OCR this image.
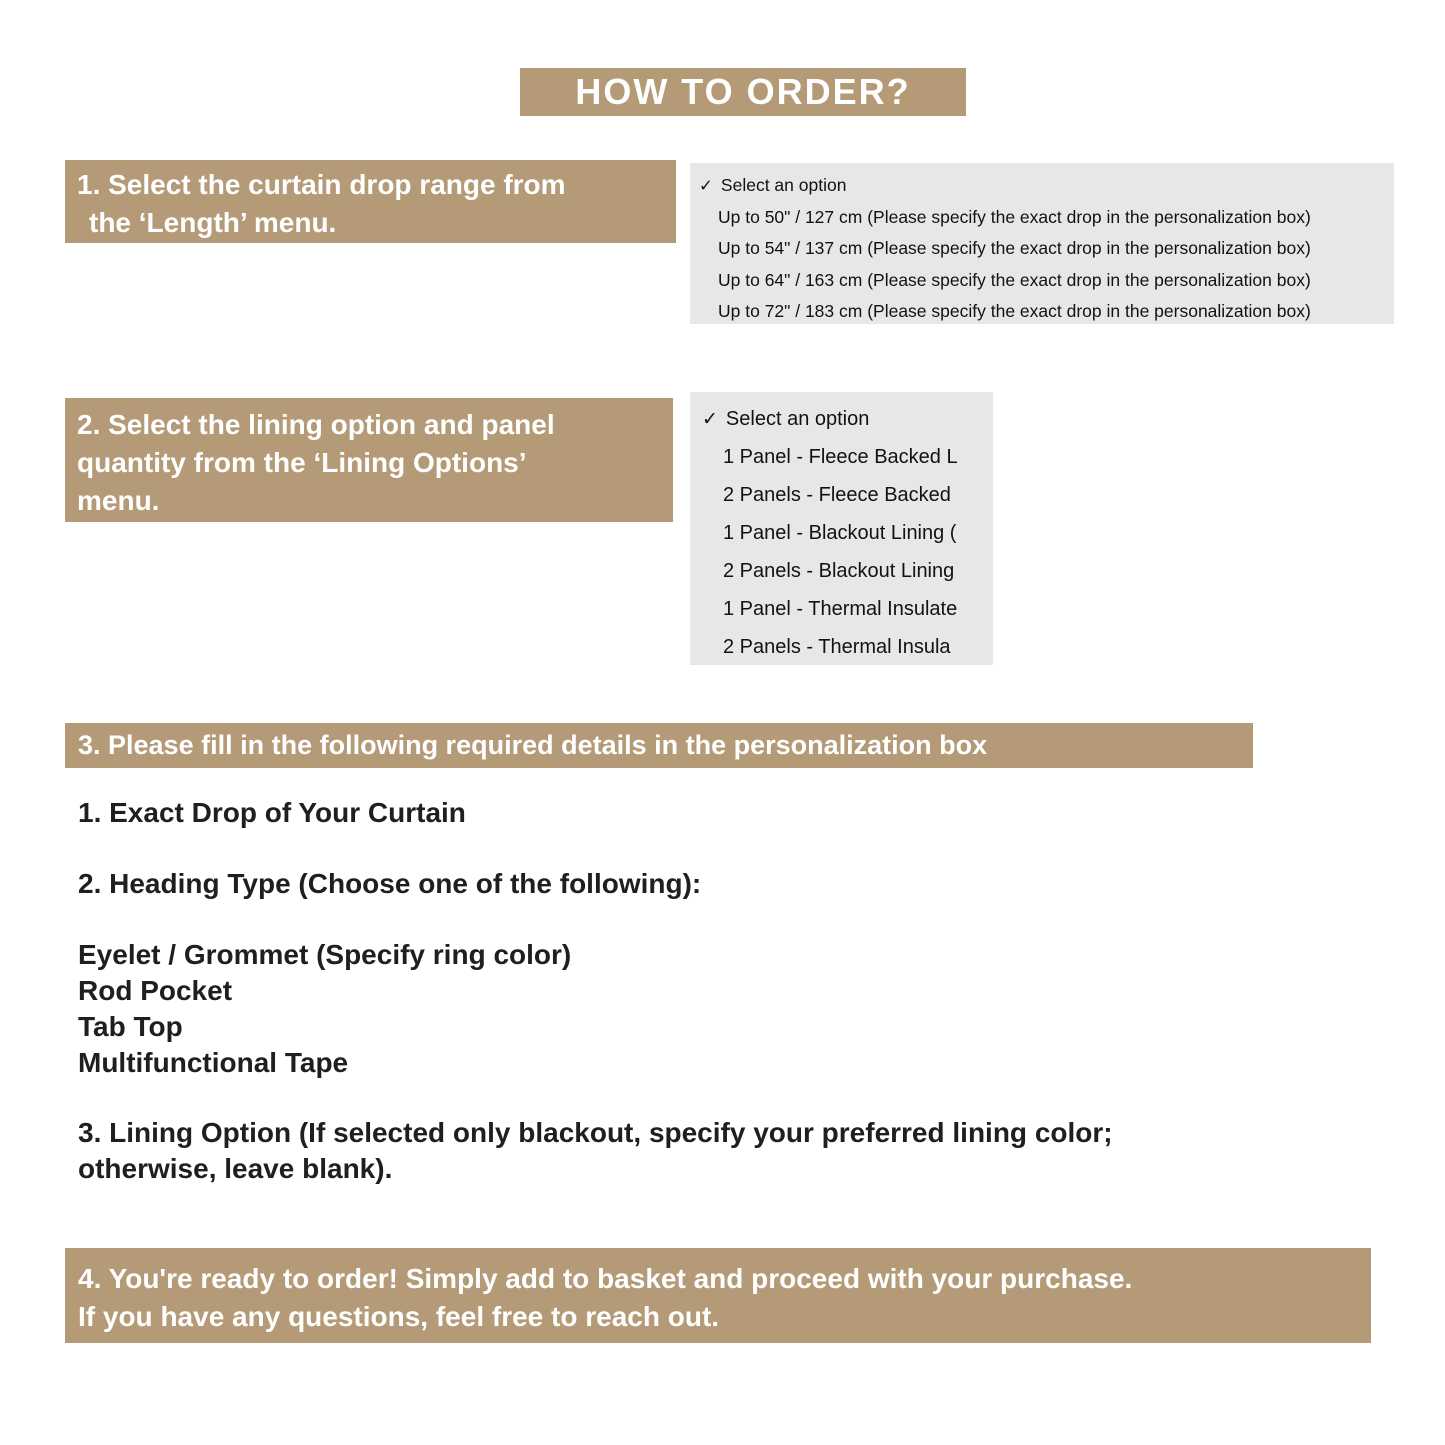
HOW TO ORDER?
1. Select the curtain drop range from
the ‘Length’ menu.
✓ Select an option
Up to 50" / 127 cm (Please specify the exact drop in the personalization box)
Up to 54" / 137 cm (Please specify the exact drop in the personalization box)
Up to 64" / 163 cm (Please specify the exact drop in the personalization box)
Up to 72" / 183 cm (Please specify the exact drop in the personalization box)
2. Select the lining option and panel
quantity from the ‘Lining Options’
menu.
✓ Select an option
1 Panel - Fleece Backed L
2 Panels - Fleece Backed
1 Panel - Blackout Lining (
2 Panels - Blackout Lining
1 Panel - Thermal Insulate
2 Panels - Thermal Insula
3. Please fill in the following required details in the personalization box
1. Exact Drop of Your Curtain
2. Heading Type (Choose one of the following):
Eyelet / Grommet (Specify ring color)
Rod Pocket
Tab Top
Multifunctional Tape
3. Lining Option (If selected only blackout, specify your preferred lining color;
otherwise, leave blank).
4. You're ready to order! Simply add to basket and proceed with your purchase.
If you have any questions, feel free to reach out.
